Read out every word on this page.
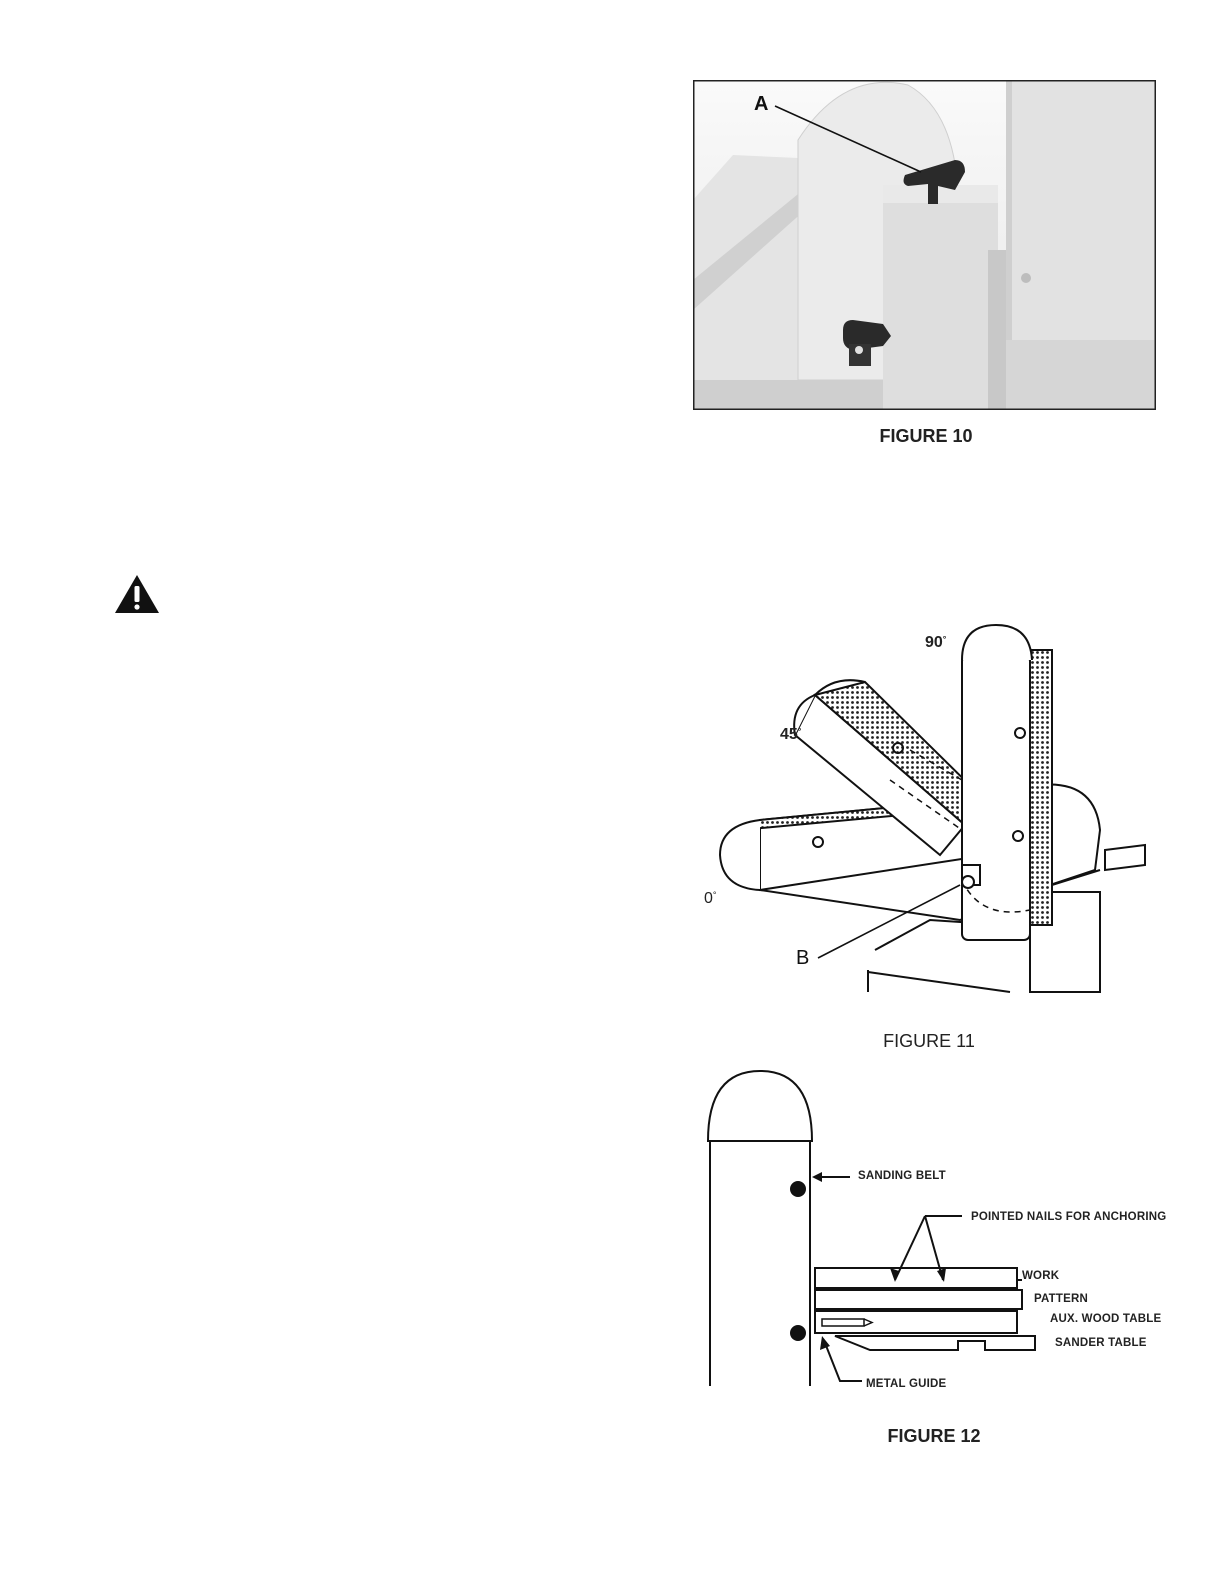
A
FIGURE 10
90°
45°
0°
B
FIGURE 11
SANDING BELT
POINTED NAILS FOR ANCHORING
WORK
PATTERN
AUX. WOOD TABLE
SANDER TABLE
METAL GUIDE
FIGURE 12
